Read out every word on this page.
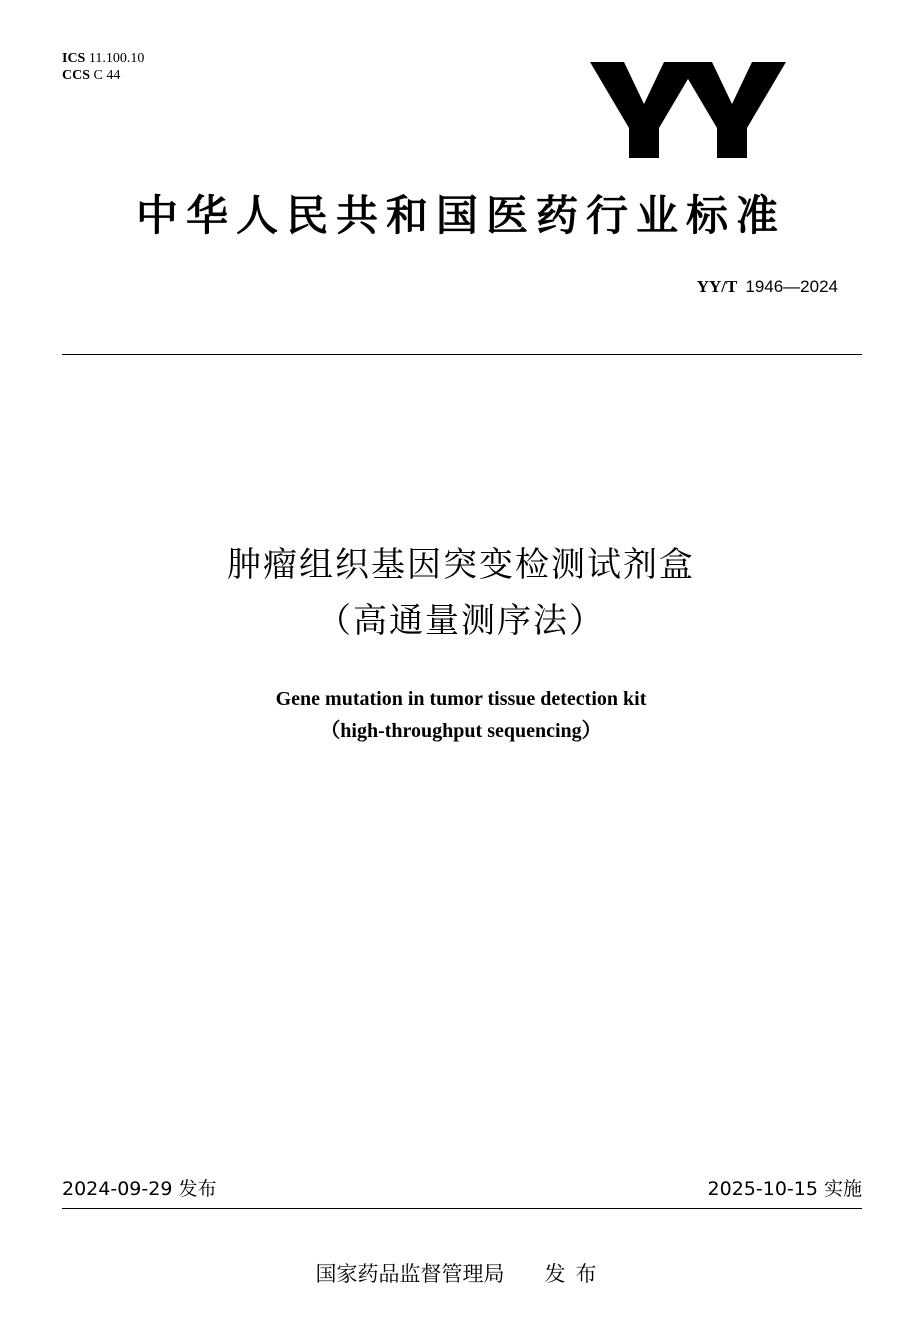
ICS 11.100.10
CCS C 44
中华人民共和国医药行业标准
YY/T 1946—2024
肿瘤组织基因突变检测试剂盒
（高通量测序法）
Gene mutation in tumor tissue detection kit
（high-throughput sequencing）
2024-09-29 发布	2025-10-15 实施
国家药品监督管理局 发布
